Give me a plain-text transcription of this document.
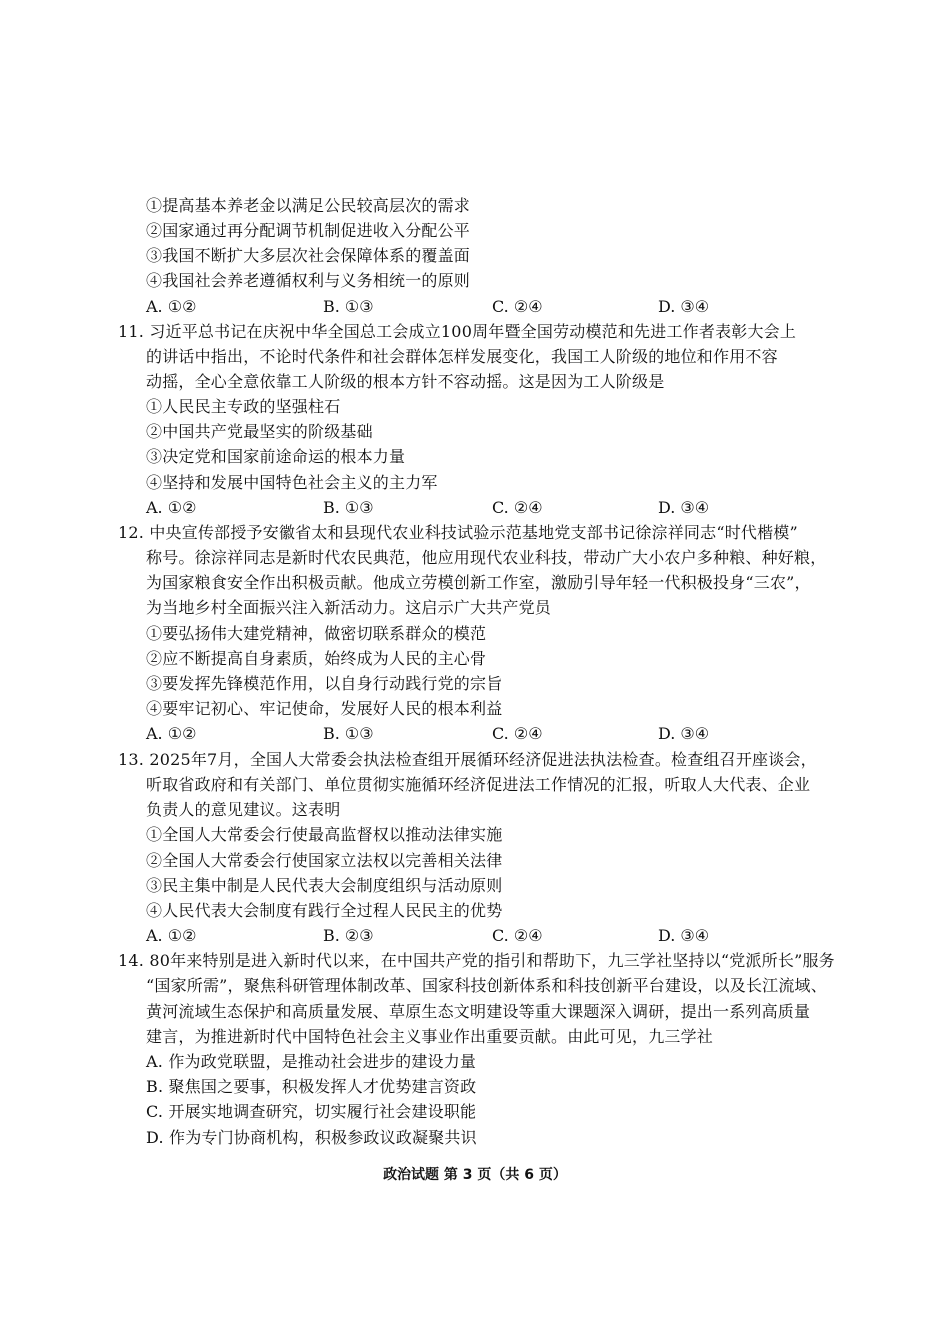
①提高基本养老金以满足公民较高层次的需求
②国家通过再分配调节机制促进收入分配公平
③我国不断扩大多层次社会保障体系的覆盖面
④我国社会养老遵循权利与义务相统一的原则
A. ①②	B. ①③	C. ②④	D. ③④
11. 习近平总书记在庆祝中华全国总工会成立100周年暨全国劳动模范和先进工作者表彰大会上
的讲话中指出，不论时代条件和社会群体怎样发展变化，我国工人阶级的地位和作用不容
动摇，全心全意依靠工人阶级的根本方针不容动摇。这是因为工人阶级是
①人民民主专政的坚强柱石
②中国共产党最坚实的阶级基础
③决定党和国家前途命运的根本力量
④坚持和发展中国特色社会主义的主力军
A. ①②	B. ①③	C. ②④	D. ③④
12. 中央宣传部授予安徽省太和县现代农业科技试验示范基地党支部书记徐淙祥同志“时代楷模”
称号。徐淙祥同志是新时代农民典范，他应用现代农业科技，带动广大小农户多种粮、种好粮，
为国家粮食安全作出积极贡献。他成立劳模创新工作室，激励引导年轻一代积极投身“三农”，
为当地乡村全面振兴注入新活动力。这启示广大共产党员
①要弘扬伟大建党精神，做密切联系群众的模范
②应不断提高自身素质，始终成为人民的主心骨
③要发挥先锋模范作用，以自身行动践行党的宗旨
④要牢记初心、牢记使命，发展好人民的根本利益
A. ①②	B. ①③	C. ②④	D. ③④
13. 2025年7月，全国人大常委会执法检查组开展循环经济促进法执法检查。检查组召开座谈会，
听取省政府和有关部门、单位贯彻实施循环经济促进法工作情况的汇报，听取人大代表、企业
负责人的意见建议。这表明
①全国人大常委会行使最高监督权以推动法律实施
②全国人大常委会行使国家立法权以完善相关法律
③民主集中制是人民代表大会制度组织与活动原则
④人民代表大会制度有践行全过程人民民主的优势
A. ①②	B. ②③	C. ②④	D. ③④
14. 80年来特别是进入新时代以来，在中国共产党的指引和帮助下，九三学社坚持以“党派所长”服务
“国家所需”，聚焦科研管理体制改革、国家科技创新体系和科技创新平台建设，以及长江流域、
黄河流域生态保护和高质量发展、草原生态文明建设等重大课题深入调研，提出一系列高质量
建言，为推进新时代中国特色社会主义事业作出重要贡献。由此可见，九三学社
A. 作为政党联盟，是推动社会进步的建设力量
B. 聚焦国之要事，积极发挥人才优势建言资政
C. 开展实地调查研究，切实履行社会建设职能
D. 作为专门协商机构，积极参政议政凝聚共识
政治试题 第 3 页（共 6 页）
